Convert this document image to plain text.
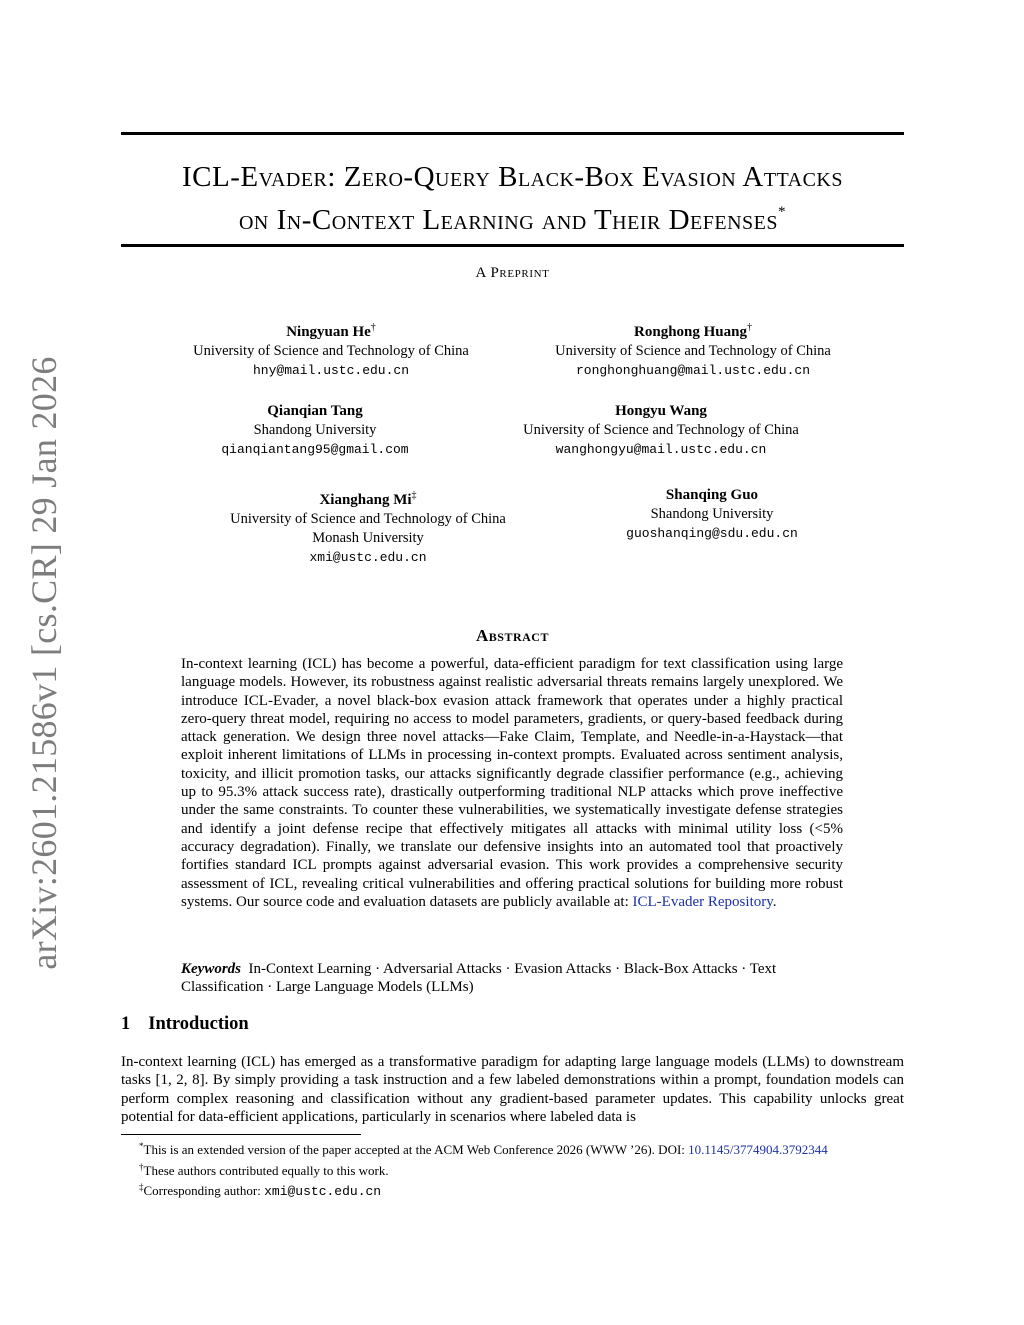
arXiv:2601.21586v1 [cs.CR] 29 Jan 2026
ICL-Evader: Zero-Query Black-Box Evasion Attacks
on In-Context Learning and Their Defenses*
A Preprint
Ningyuan He†
University of Science and Technology of China
hny@mail.ustc.edu.cn
Ronghong Huang†
University of Science and Technology of China
ronghonghuang@mail.ustc.edu.cn
Qianqian Tang
Shandong University
qianqiantang95@gmail.com
Hongyu Wang
University of Science and Technology of China
wanghongyu@mail.ustc.edu.cn
Xianghang Mi‡
University of Science and Technology of China
Monash University
xmi@ustc.edu.cn
Shanqing Guo
Shandong University
guoshanqing@sdu.edu.cn
Abstract
In-context learning (ICL) has become a powerful, data-efficient paradigm for text classification using large language models. However, its robustness against realistic adversarial threats remains largely unexplored. We introduce ICL-Evader, a novel black-box evasion attack framework that operates under a highly practical zero-query threat model, requiring no access to model parameters, gradients, or query-based feedback during attack generation. We design three novel attacks—Fake Claim, Template, and Needle-in-a-Haystack—that exploit inherent limitations of LLMs in processing in-context prompts. Evaluated across sentiment analysis, toxicity, and illicit promotion tasks, our attacks significantly degrade classifier performance (e.g., achieving up to 95.3% attack success rate), drastically outperforming traditional NLP attacks which prove ineffective under the same constraints. To counter these vulnerabilities, we systematically investigate defense strategies and identify a joint defense recipe that effectively mitigates all attacks with minimal utility loss (<5% accuracy degradation). Finally, we translate our defensive insights into an automated tool that proactively fortifies standard ICL prompts against adversarial evasion. This work provides a comprehensive security assessment of ICL, revealing critical vulnerabilities and offering practical solutions for building more robust systems. Our source code and evaluation datasets are publicly available at: ICL-Evader Repository.
Keywords In-Context Learning · Adversarial Attacks · Evasion Attacks · Black-Box Attacks · Text Classification · Large Language Models (LLMs)
1 Introduction
In-context learning (ICL) has emerged as a transformative paradigm for adapting large language models (LLMs) to downstream tasks [1, 2, 8]. By simply providing a task instruction and a few labeled demonstrations within a prompt, foundation models can perform complex reasoning and classification without any gradient-based parameter updates. This capability unlocks great potential for data-efficient applications, particularly in scenarios where labeled data is
*This is an extended version of the paper accepted at the ACM Web Conference 2026 (WWW ’26). DOI: 10.1145/3774904.3792344
†These authors contributed equally to this work.
‡Corresponding author: xmi@ustc.edu.cn
